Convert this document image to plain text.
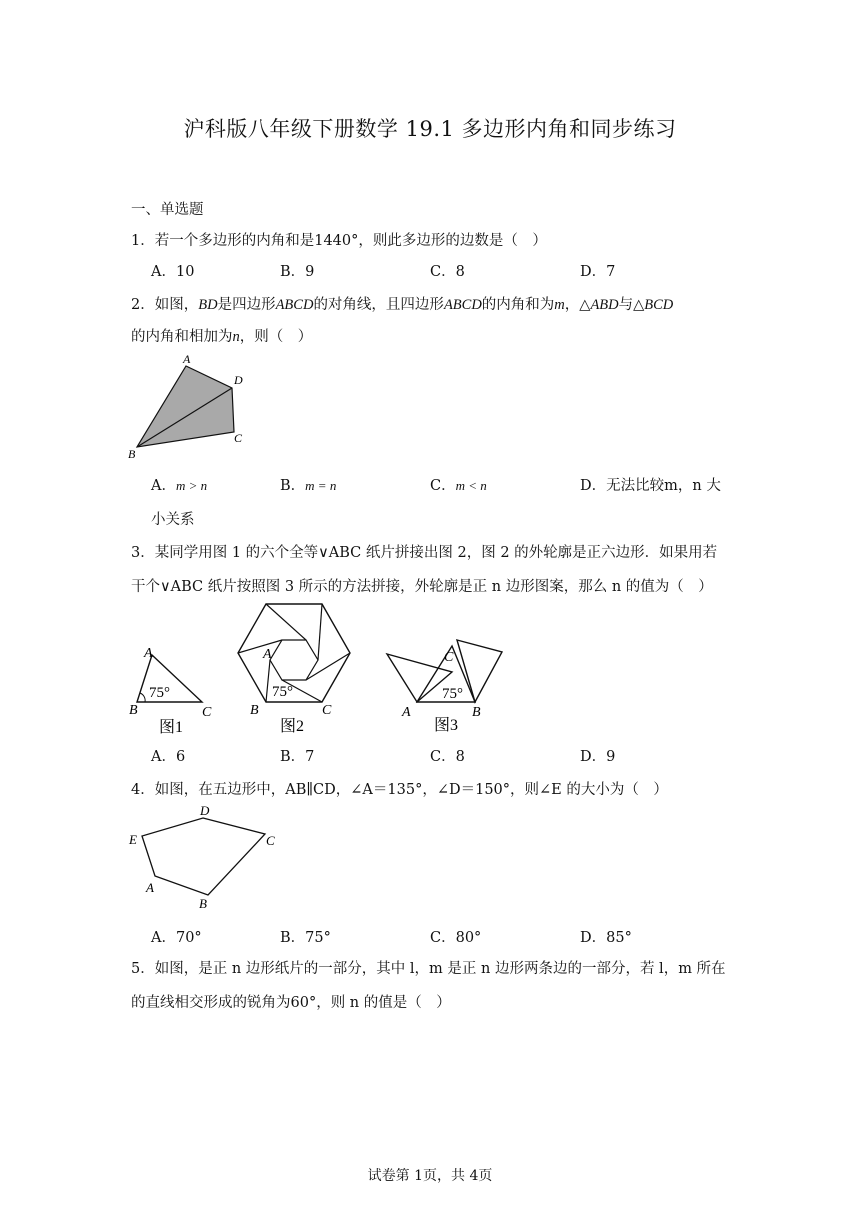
沪科版八年级下册数学 19.1 多边形内角和同步练习
一、单选题
1．若一个多边形的内角和是1440°，则此多边形的边数是（　）
A．10	B．9	C．8	D．7
2．如图，BD是四边形ABCD的对角线，且四边形ABCD的内角和为m，△ABD与△BCD
的内角和相加为n，则（　）
A
D
C
B
A．m > n	B．m = n	C．m < n	D．无法比较m，n 大
小关系
3．某同学用图 1 的六个全等∨ABC 纸片拼接出图 2，图 2 的外轮廓是正六边形．如果用若
干个∨ABC 纸片按照图 3 所示的方法拼接，外轮廓是正 n 边形图案，那么 n 的值为（　）
A
B	C
75°
图1
A
B	C
75°
图2
C
A	B
75°
图3
A．6	B．7	C．8	D．9
4．如图，在五边形中，AB∥CD，∠A＝135°，∠D＝150°，则∠E 的大小为（　）
D
E	C
A
B
A．70°	B．75°	C．80°	D．85°
5．如图，是正 n 边形纸片的一部分，其中 l，m 是正 n 边形两条边的一部分，若 l，m 所在
的直线相交形成的锐角为60°，则 n 的值是（　）
试卷第 1页，共 4页
